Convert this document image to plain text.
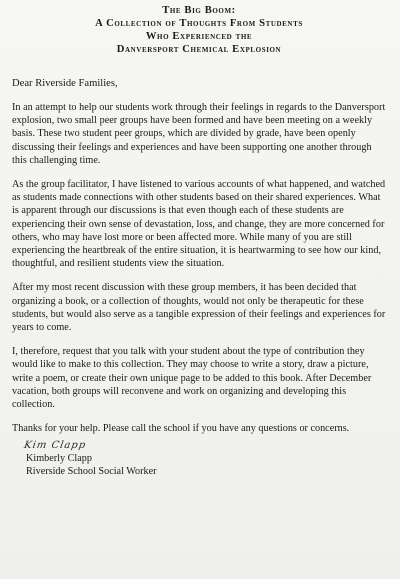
The Big Boom:
A Collection of Thoughts From Students
Who Experienced the
Danversport Chemical Explosion
Dear Riverside Families,

In an attempt to help our students work through their feelings in regards to the Danversport explosion, two small peer groups have been formed and have been meeting on a weekly basis. These two student peer groups, which are divided by grade, have been openly discussing their feelings and experiences and have been supporting one another through this challenging time.

As the group facilitator, I have listened to various accounts of what happened, and watched as students made connections with other students based on their shared experiences. What is apparent through our discussions is that even though each of these students are experiencing their own sense of devastation, loss, and change, they are more concerned for others, who may have lost more or been affected more. While many of you are still experiencing the heartbreak of the entire situation, it is heartwarming to see how our kind, thoughtful, and resilient students view the situation.

After my most recent discussion with these group members, it has been decided that organizing a book, or a collection of thoughts, would not only be therapeutic for these students, but would also serve as a tangible expression of their feelings and experiences for years to come.

I, therefore, request that you talk with your student about the type of contribution they would like to make to this collection. They may choose to write a story, draw a picture, write a poem, or create their own unique page to be added to this book. After December vacation, both groups will reconvene and work on organizing and developing this collection.

Thanks for your help. Please call the school if you have any questions or concerns.
Kim Clapp
Kimberly Clapp
Riverside School Social Worker
